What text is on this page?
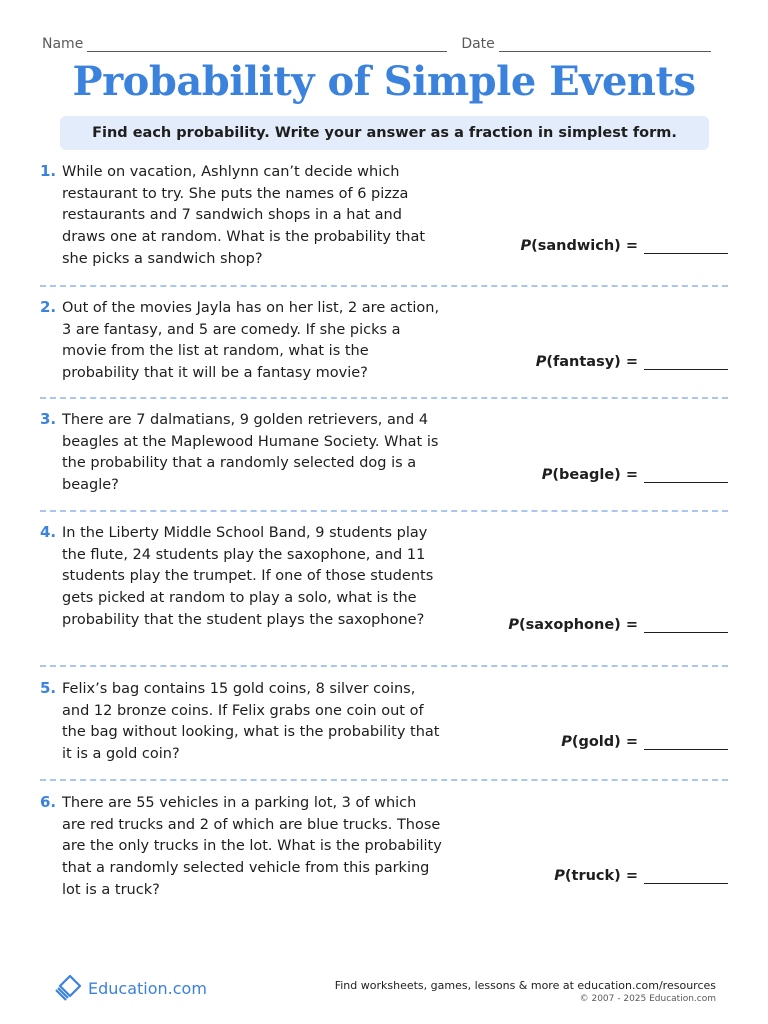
Name	Date
Probability of Simple Events
Find each probability. Write your answer as a fraction in simplest form.
1. While on vacation, Ashlynn can’t decide which restaurant to try. She puts the names of 6 pizza restaurants and 7 sandwich shops in a hat and draws one at random. What is the probability that she picks a sandwich shop?
P (sandwich) =
2. Out of the movies Jayla has on her list, 2 are action, 3 are fantasy, and 5 are comedy. If she picks a movie from the list at random, what is the probability that it will be a fantasy movie?
P (fantasy) =
3. There are 7 dalmatians, 9 golden retrievers, and 4 beagles at the Maplewood Humane Society. What is the probability that a randomly selected dog is a beagle?
P (beagle) =
4. In the Liberty Middle School Band, 9 students play the flute, 24 students play the saxophone, and 11 students play the trumpet. If one of those students gets picked at random to play a solo, what is the probability that the student plays the saxophone?	P (saxophone) =
5. Felix’s bag contains 15 gold coins, 8 silver coins, and 12 bronze coins. If Felix grabs one coin out of the bag without looking, what is the probability that it is a gold coin?
P (gold) =
6. There are 55 vehicles in a parking lot, 3 of which are red trucks and 2 of which are blue trucks. Those are the only trucks in the lot. What is the probability that a randomly selected vehicle from this parking lot is a truck?
P (truck) =
Education.com	Find worksheets, games, lessons & more at education.com/resources
© 2007 - 2025 Education.com
